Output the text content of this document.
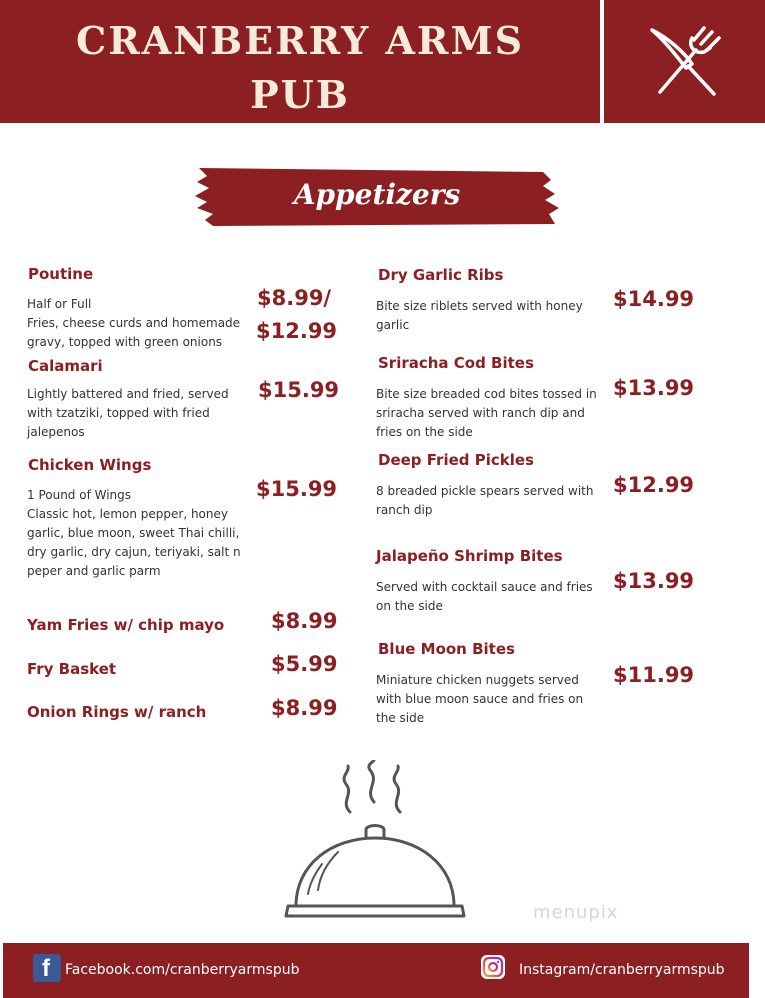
CRANBERRY ARMS
PUB
Appetizers
Poutine
Half or Full
Fries, cheese curds and homemade
gravy, topped with green onions
$8.99/
$12.99
Calamari
Lightly battered and fried, served
with tzatziki, topped with fried
jalepenos
$15.99
Chicken Wings
1 Pound of Wings
Classic hot, lemon pepper, honey
garlic, blue moon, sweet Thai chilli,
dry garlic, dry cajun, teriyaki, salt n
peper and garlic parm
$15.99
Yam Fries w/ chip mayo $8.99
Fry Basket	$5.99
Onion Rings w/ ranch	$8.99
Dry Garlic Ribs
Bite size riblets served with honey
garlic
$14.99
Sriracha Cod Bites
Bite size breaded cod bites tossed in
sriracha served with ranch dip and
fries on the side
$13.99
Deep Fried Pickles
8 breaded pickle spears served with
ranch dip
$12.99
Jalapeño Shrimp Bites
Served with cocktail sauce and fries
on the side
$13.99
Blue Moon Bites
Miniature chicken nuggets served
with blue moon sauce and fries on
the side
$11.99
menupix
f Facebook.com/cranberryarmspub	Instagram/cranberryarmspub
